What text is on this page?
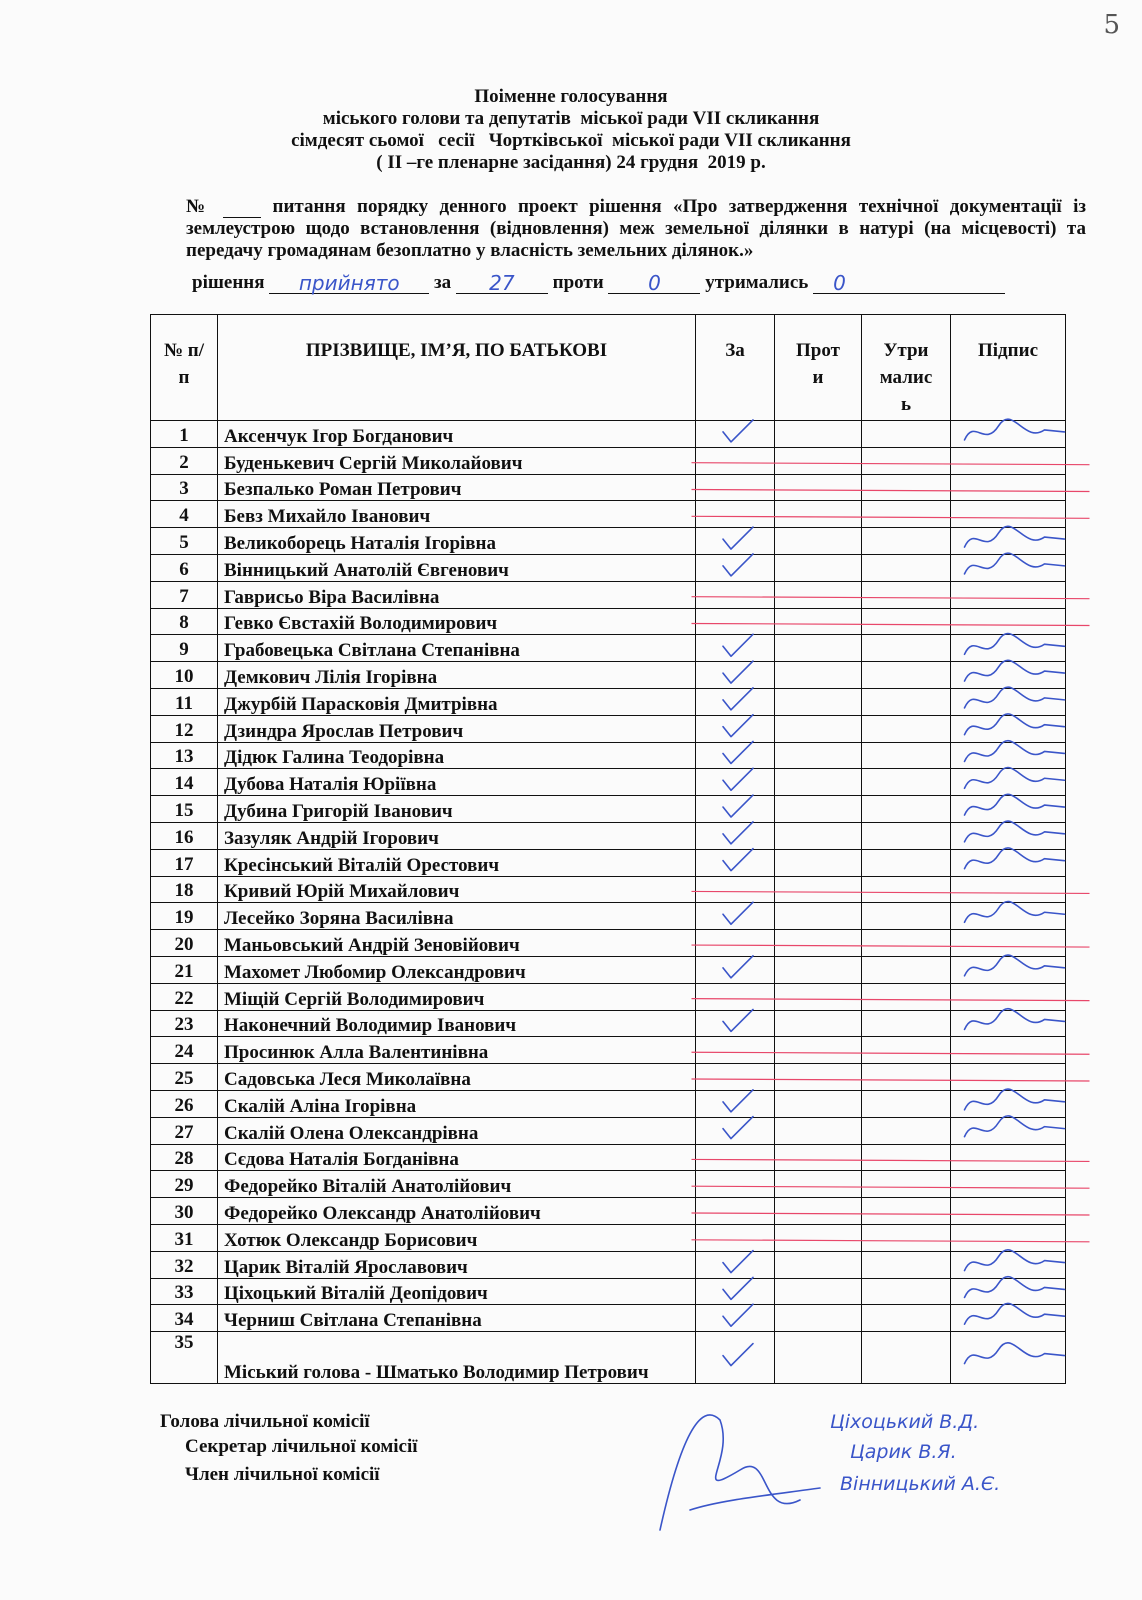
5
Поіменне голосування
міського голови та депутатів  міської ради VII скликання
сімдесят сьомої   сесії   Чортківської  міської ради VII скликання
( II –ге пленарне засідання) 24 грудня  2019 р.
№	питання порядку денного проект рішення «Про затвердження технічної документації із землеустрою щодо встановлення (відновлення) меж земельної ділянки в натурі (на місцевості) та передачу громадянам безоплатно у власність земельних ділянок.»
рішення	прийнято	за	27	проти	0	утримались	0
№ п/п	ПРІЗВИЩЕ, ІМ’Я, ПО БАТЬКОВІ	За	Прот и	Утри малис ь	Підпис

1	Аксенчук Ігор Богданович				
2	Буденькевич Сергій Миколайович				
3	Безпалько Роман Петрович				
4	Бевз Михайло Іванович				
5	Великоборець Наталія Ігорівна				
6	Вінницький Анатолій Євгенович				
7	Гаврисьо Віра Василівна				
8	Гевко Євстахій Володимирович				
9	Грабовецька Світлана Степанівна				
10	Демкович Лілія Ігорівна				
11	Джурбій Парасковія Дмитрівна				
12	Дзиндра Ярослав Петрович				
13	Дідюк Галина Теодорівна				
14	Дубова Наталія Юріївна				
15	Дубина Григорій Іванович				
16	Зазуляк Андрій Ігорович				
17	Кресінський Віталій Орестович				
18	Кривий Юрій Михайлович				
19	Лесейко Зоряна Василівна				
20	Маньовський Андрій Зеновійович				
21	Махомет Любомир Олександрович				
22	Міщій Сергій Володимирович				
23	Наконечний Володимир Іванович				
24	Просинюк Алла Валентинівна				
25	Садовська Леся Миколаївна				
26	Скалій Аліна Ігорівна				
27	Скалій Олена Олександрівна				
28	Сєдова Наталія Богданівна				
29	Федорейко Віталій Анатолійович				
30	Федорейко Олександр Анатолійович				
31	Хотюк Олександр Борисович				
32	Царик Віталій Ярославович				
33	Ціхоцький Віталій Деопідович				
34	Черниш Світлана Степанівна				
35	Міський голова - Шматько Володимир Петрович				
Голова лічильної комісії
Секретар лічильної комісії
Член лічильної комісії
Ціхоцький В.Д.
Царик В.Я.
Вінницький А.Є.
